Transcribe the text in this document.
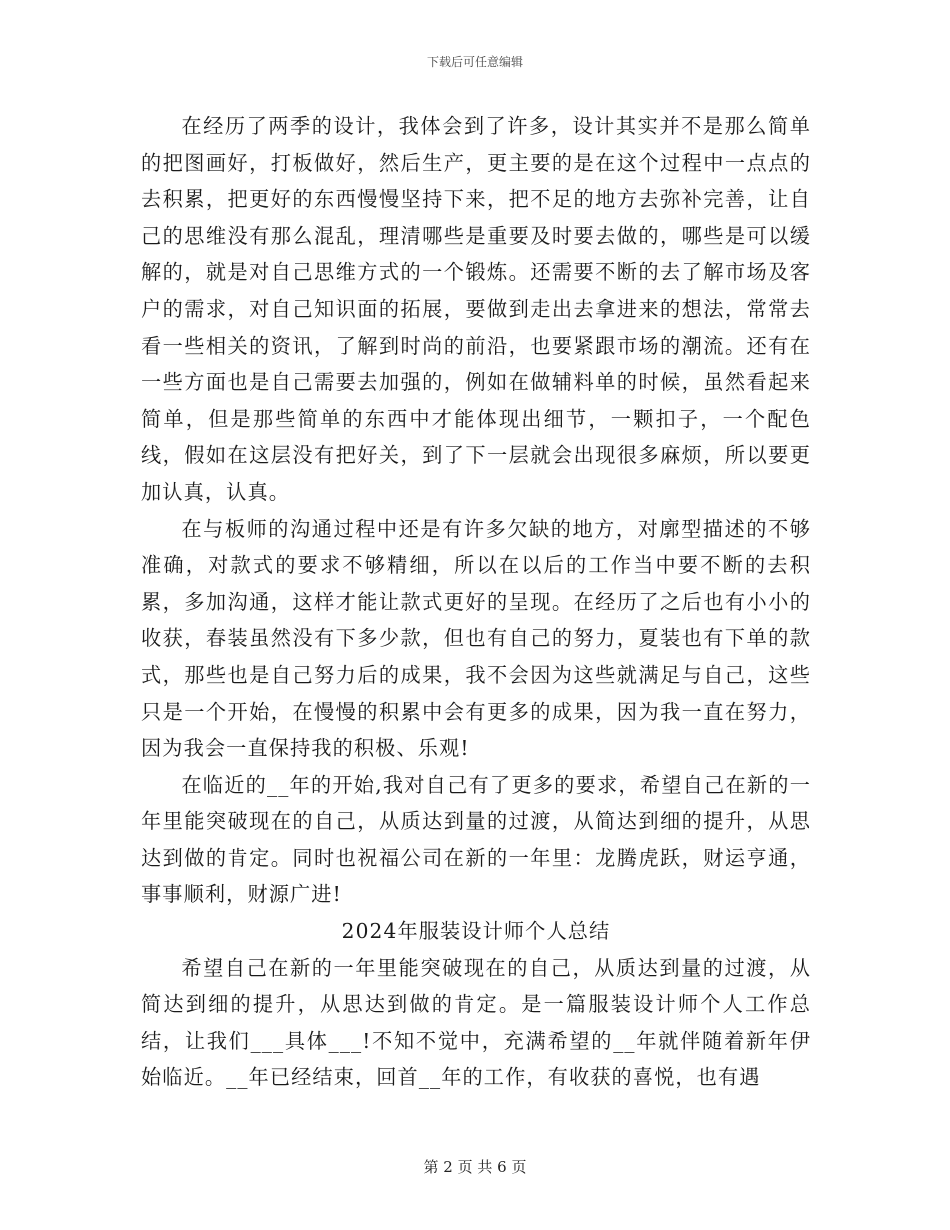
下载后可任意编辑

在经历了两季的设计，我体会到了许多，设计其实并不是那么简单的把图画好，打板做好，然后生产，更主要的是在这个过程中一点点的去积累，把更好的东西慢慢坚持下来，把不足的地方去弥补完善，让自己的思维没有那么混乱，理清哪些是重要及时要去做的，哪些是可以缓解的，就是对自己思维方式的一个锻炼。还需要不断的去了解市场及客户的需求，对自己知识面的拓展，要做到走出去拿进来的想法，常常去看一些相关的资讯，了解到时尚的前沿，也要紧跟市场的潮流。还有在一些方面也是自己需要去加强的，例如在做辅料单的时候，虽然看起来简单，但是那些简单的东西中才能体现出细节，一颗扣子，一个配色线，假如在这层没有把好关，到了下一层就会出现很多麻烦，所以要更加认真，认真。

在与板师的沟通过程中还是有许多欠缺的地方，对廓型描述的不够准确，对款式的要求不够精细，所以在以后的工作当中要不断的去积累，多加沟通，这样才能让款式更好的呈现。在经历了之后也有小小的收获，春装虽然没有下多少款，但也有自己的努力，夏装也有下单的款式，那些也是自己努力后的成果，我不会因为这些就满足与自己，这些只是一个开始，在慢慢的积累中会有更多的成果，因为我一直在努力，因为我会一直保持我的积极、乐观!

在临近的__年的开始,我对自己有了更多的要求，希望自己在新的一年里能突破现在的自己，从质达到量的过渡，从简达到细的提升，从思达到做的肯定。同时也祝福公司在新的一年里：龙腾虎跃，财运亨通，事事顺利，财源广进!

2024年服装设计师个人总结

希望自己在新的一年里能突破现在的自己，从质达到量的过渡，从简达到细的提升，从思达到做的肯定。是一篇服装设计师个人工作总结，让我们___具体___!不知不觉中，充满希望的__年就伴随着新年伊始临近。__年已经结束，回首__年的工作，有收获的喜悦，也有遇

第 2 页 共 6 页
